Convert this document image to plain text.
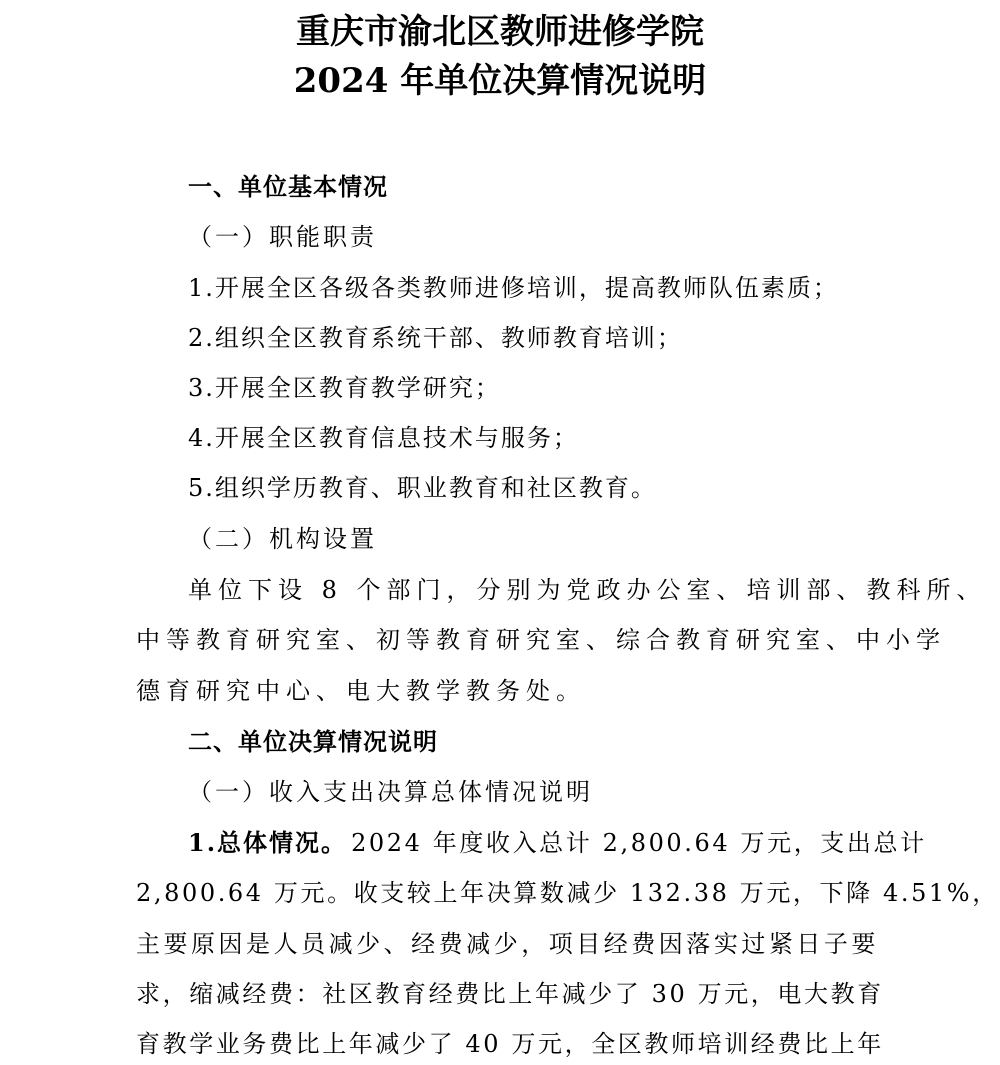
重庆市渝北区教师进修学院
2024 年单位决算情况说明
一、单位基本情况
（一）职能职责
1.开展全区各级各类教师进修培训，提高教师队伍素质；
2.组织全区教育系统干部、教师教育培训；
3.开展全区教育教学研究；
4.开展全区教育信息技术与服务；
5.组织学历教育、职业教育和社区教育。
（二）机构设置
单位下设 8 个部门，分别为党政办公室、培训部、教科所、
中等教育研究室、初等教育研究室、综合教育研究室、中小学
德育研究中心、电大教学教务处。
二、单位决算情况说明
（一）收入支出决算总体情况说明
1.总体情况。 2024 年度收入总计 2,800.64 万元，支出总计
2,800.64 万元。收支较上年决算数减少 132.38 万元，下降 4.51%，
主要原因是人员减少、经费减少，项目经费因落实过紧日子要
求，缩减经费：社区教育经费比上年减少了 30 万元，电大教育
育教学业务费比上年减少了 40 万元，全区教师培训经费比上年
